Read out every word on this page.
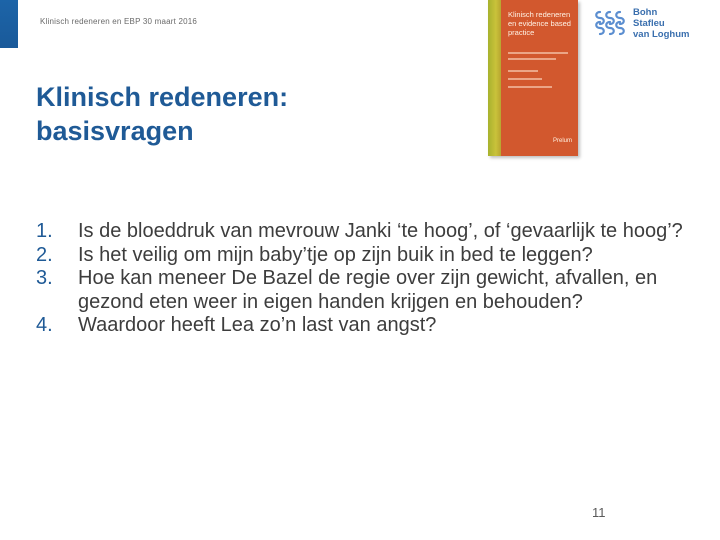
Klinisch redeneren en EBP 30 maart 2016
Klinisch redeneren en evidence based practice
Prelum
Bohn
Stafleu
van Loghum
Klinisch redeneren:
basisvragen
1. Is de bloeddruk van mevrouw Janki ‘te hoog’, of ‘gevaarlijk te hoog’?
2. Is het veilig om mijn baby’tje op zijn buik in bed te leggen?
3. Hoe kan meneer De Bazel de regie over zijn gewicht, afvallen, en gezond eten weer in eigen handen krijgen en behouden?
4. Waardoor heeft Lea zo’n last van angst?
11
